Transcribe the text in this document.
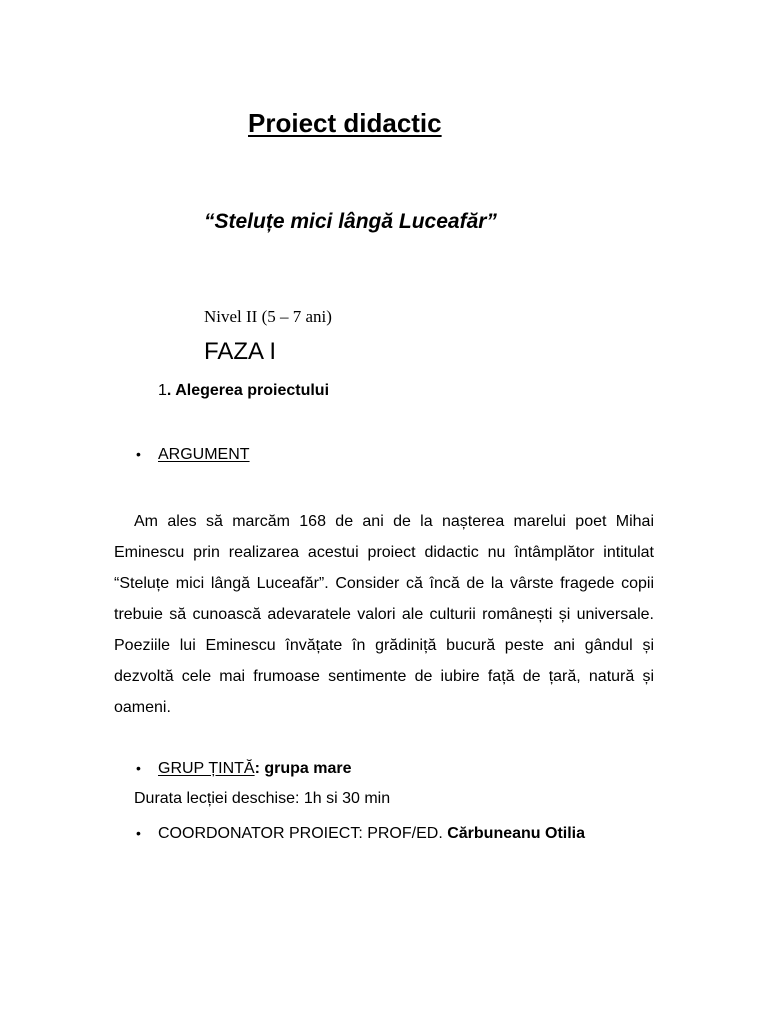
Proiect didactic
“Steluțe mici lângă Luceafăr”
Nivel II (5 – 7 ani)
FAZA I
1. Alegerea proiectului
•	ARGUMENT
Am ales să marcăm 168 de ani de la nașterea marelui poet Mihai Eminescu prin realizarea acestui proiect didactic nu întâmplător intitulat “Steluțe mici lângă Luceafăr”. Consider că încă de la vârste fragede copii trebuie să cunoască adevaratele valori ale culturii românești și universale. Poeziile lui Eminescu învățate în grădiniță bucură peste ani gândul și dezvoltă cele mai frumoase sentimente de iubire față de țară, natură și oameni.
•	GRUP ȚINTĂ: grupa mare
Durata lecției deschise: 1h si 30 min
•	COORDONATOR PROIECT: PROF/ED. Cărbuneanu Otilia
